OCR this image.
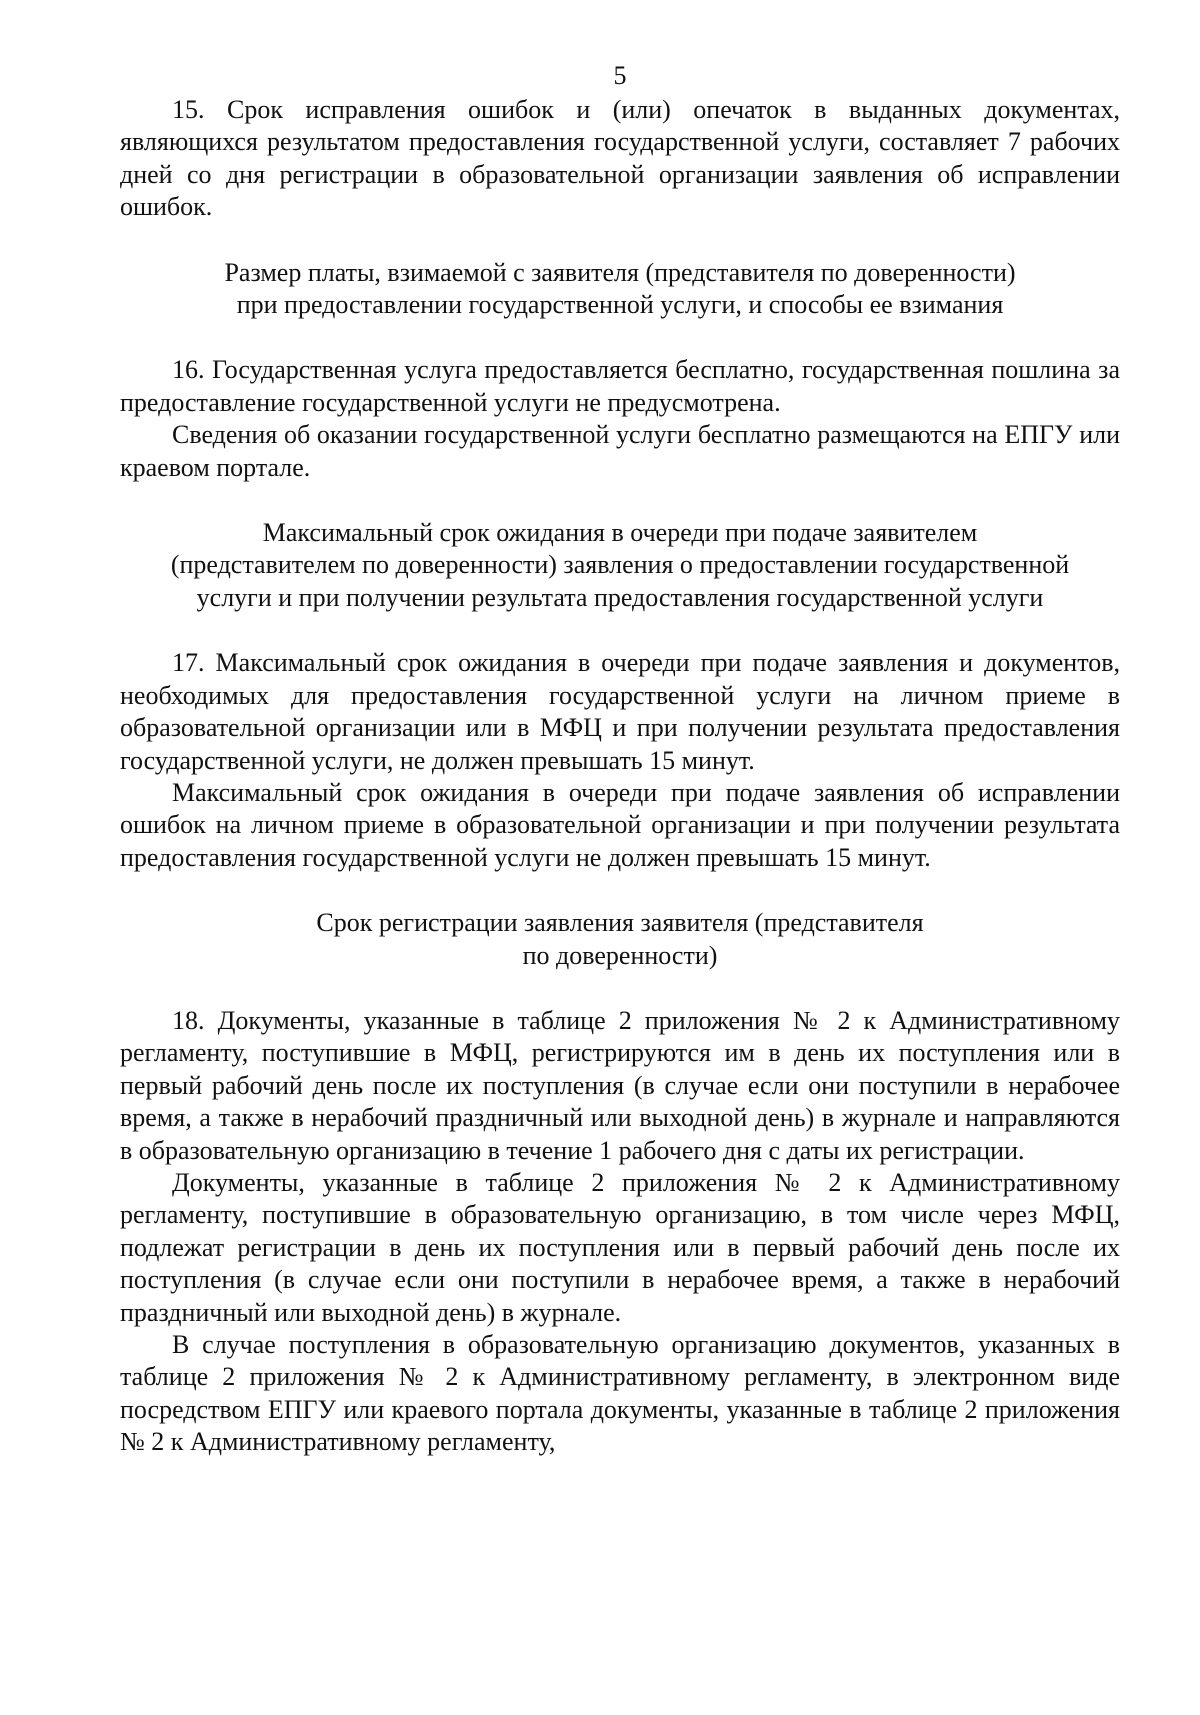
5

15. Срок исправления ошибок и (или) опечаток в выданных документах, являющихся результатом предоставления государственной услуги, составляет 7 рабочих дней со дня регистрации в образовательной организации заявления об исправлении ошибок.

Размер платы, взимаемой с заявителя (представителя по доверенности)
при предоставлении государственной услуги, и способы ее взимания

16. Государственная услуга предоставляется бесплатно, государственная пошлина за предоставление государственной услуги не предусмотрена.

Сведения об оказании государственной услуги бесплатно размещаются на ЕПГУ или краевом портале.

Максимальный срок ожидания в очереди при подаче заявителем
(представителем по доверенности) заявления о предоставлении государственной
услуги и при получении результата предоставления государственной услуги

17. Максимальный срок ожидания в очереди при подаче заявления и документов, необходимых для предоставления государственной услуги на личном приеме в образовательной организации или в МФЦ и при получении результата предоставления государственной услуги, не должен превышать 15 минут.

Максимальный срок ожидания в очереди при подаче заявления об исправлении ошибок на личном приеме в образовательной организации и при получении результата предоставления государственной услуги не должен превышать 15 минут.

Срок регистрации заявления заявителя (представителя
по доверенности)

18. Документы, указанные в таблице 2 приложения № 2 к Административному регламенту, поступившие в МФЦ, регистрируются им в день их поступления или в первый рабочий день после их поступления (в случае если они поступили в нерабочее время, а также в нерабочий праздничный или выходной день) в журнале и направляются в образовательную организацию в течение 1 рабочего дня с даты их регистрации.

Документы, указанные в таблице 2 приложения № 2 к Административному регламенту, поступившие в образовательную организацию, в том числе через МФЦ, подлежат регистрации в день их поступления или в первый рабочий день после их поступления (в случае если они поступили в нерабочее время, а также в нерабочий праздничный или выходной день) в журнале.

В случае поступления в образовательную организацию документов, указанных в таблице 2 приложения № 2 к Административному регламенту, в электронном виде посредством ЕПГУ или краевого портала документы, указанные в таблице 2 приложения № 2 к Административному регламенту,
